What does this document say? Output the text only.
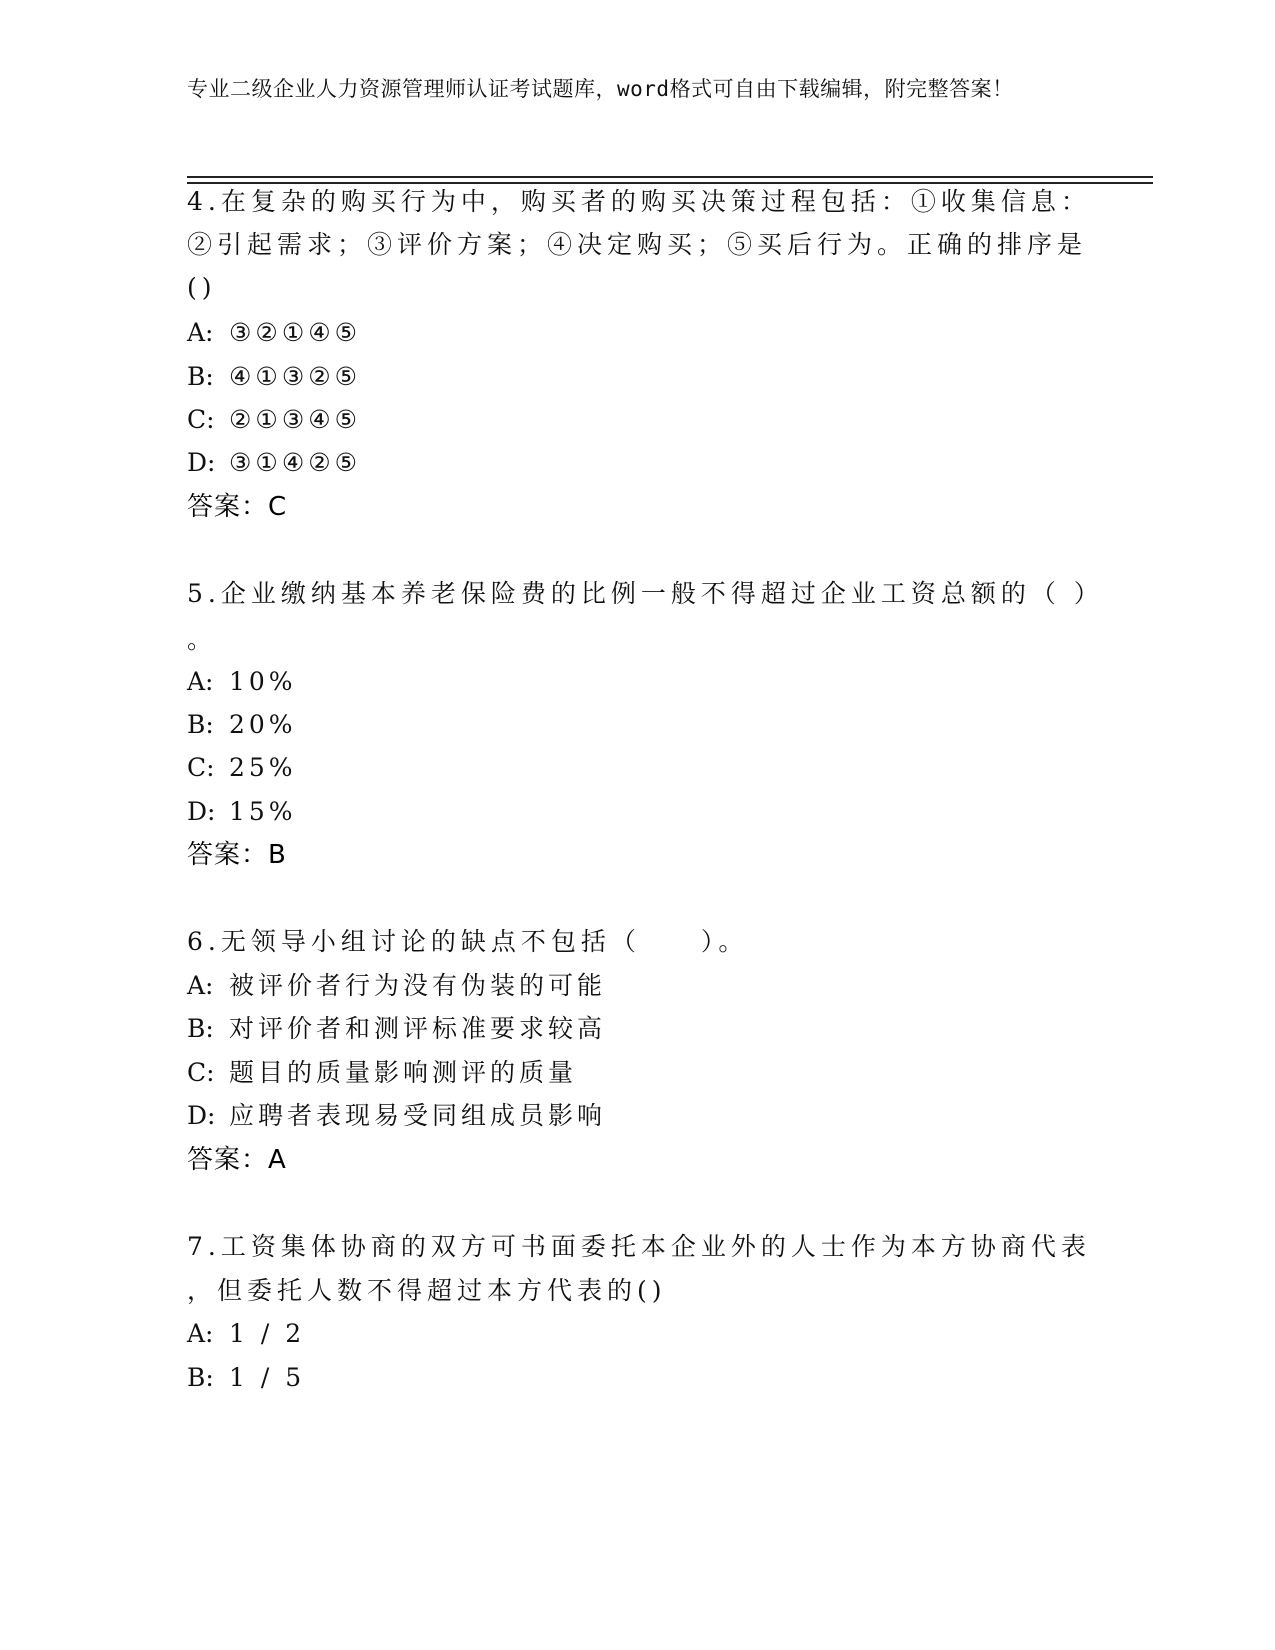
专业二级企业人力资源管理师认证考试题库，word格式可自由下载编辑，附完整答案！
4.在复杂的购买行为中，购买者的购买决策过程包括：①收集信息：
②引起需求；③评价方案；④决定购买；⑤买后行为。正确的排序是
()
A: ③②①④⑤
B: ④①③②⑤
C: ②①③④⑤
D: ③①④②⑤
答案：C
5.企业缴纳基本养老保险费的比例一般不得超过企业工资总额的（ ）
。
A: 10%
B: 20%
C: 25%
D: 15%
答案：B
6.无领导小组讨论的缺点不包括（　　）。
A: 被评价者行为没有伪装的可能
B: 对评价者和测评标准要求较高
C: 题目的质量影响测评的质量
D: 应聘者表现易受同组成员影响
答案：A
7.工资集体协商的双方可书面委托本企业外的人士作为本方协商代表
，但委托人数不得超过本方代表的()
A: 1 / 2
B: 1 / 5
